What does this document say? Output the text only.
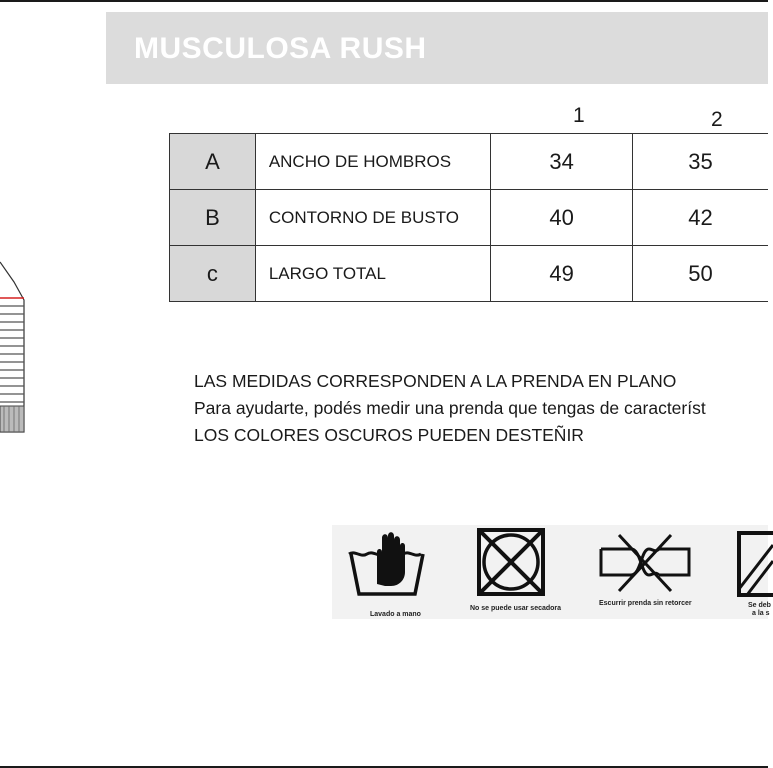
MUSCULOSA RUSH
1	2
A	ANCHO DE HOMBROS	34	35
B	CONTORNO DE BUSTO	40	42
c	LARGO TOTAL	49	50
LAS MEDIDAS CORRESPONDEN A LA PRENDA EN PLANO
Para ayudarte, podés medir una prenda que tengas de característ
LOS COLORES OSCUROS PUEDEN DESTEÑIR
Lavado a mano
No se puede usar secadora
Escurrir prenda sin retorcer	Se deb
a la s
